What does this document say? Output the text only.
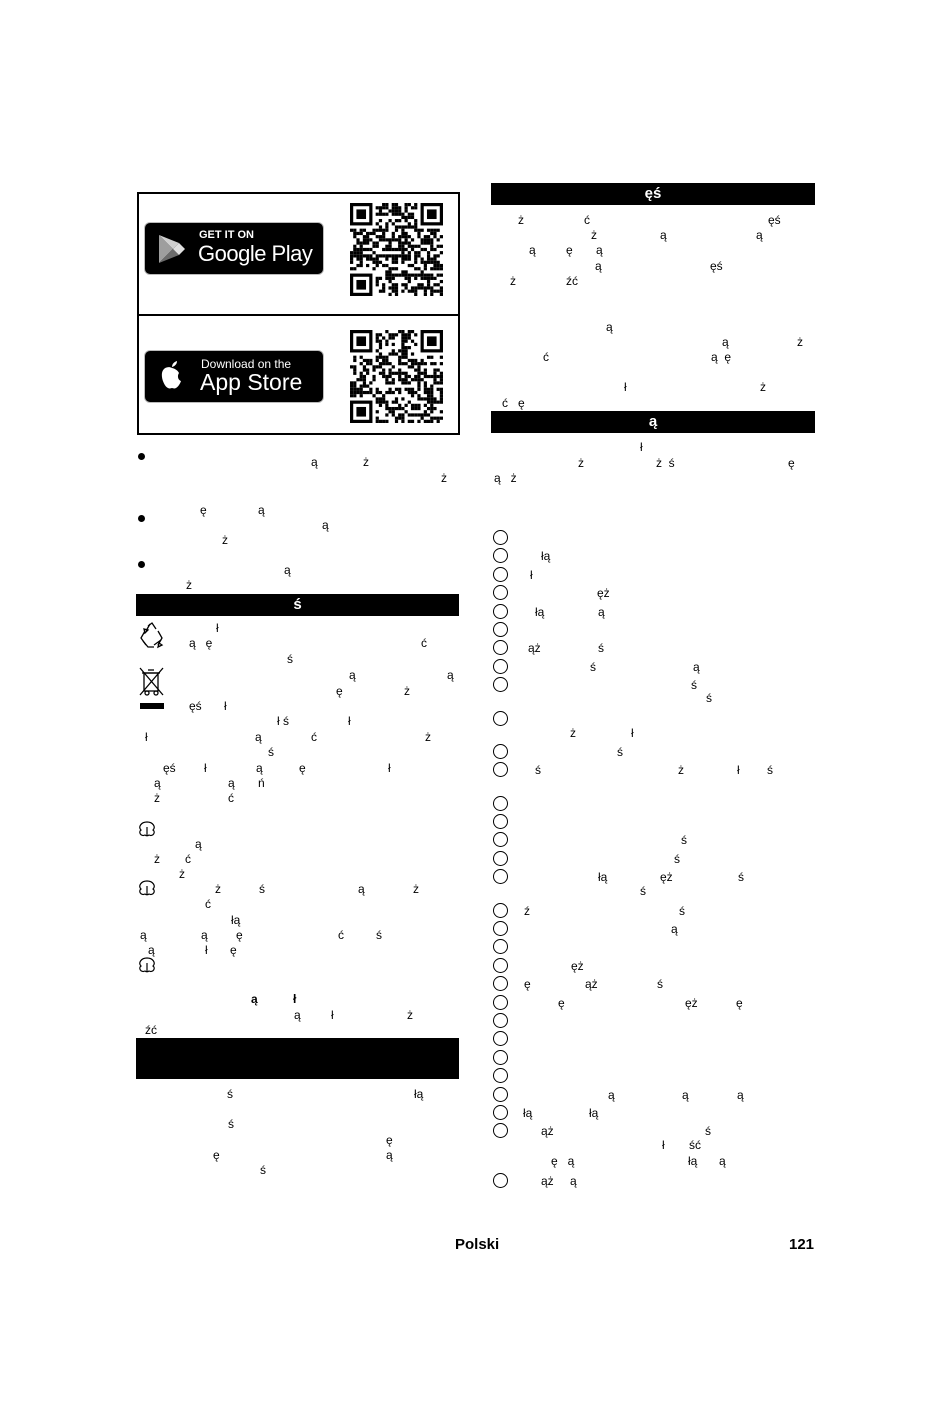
GET IT ON
Google Play
Download on the
App Store
ą	ż
ż
ę	ą
ą
ż
ą
ż
ś
ł
ą   ę	ć
ś
ą	ą
ę	ż
ęś ł
ł ś	ł
ł	ą	ć	ż
ś
ęś ł	ą	ę	ł
ą	ą ń
ż	ć
ą
ż ć
ż
ż	ś	ą	ż
ć
łą
ą	ą ę	ć	ś
ą	ł ę
ą	ł
ą	ł	ż
źć
ś	łą
ś
ę
ę	ą
ś
ęś
ą
ż	ć	ęś
ż	ą	ą
ą	ę ą
ą	ęś
ż	źć
ą
ą	ż
ć	ą  ę
ł	ż
ć   ę
ł
ż	ż  ś	ę
ą   ż
ś
ż	ł
ś
ł ść
ę   ą	łą ą
łą
ł
ęż
łą	ą
ąż	ś
ś	ą
ś
ś
ś	ż	ł ś
ś
ś
łą	ęż	ś
ź	ś
ą
ęż
ę	ąż	ś
ę	ęż	ę
ą	ą	ą
łą	łą
ąż	ś
ąż ą
Polski	121
